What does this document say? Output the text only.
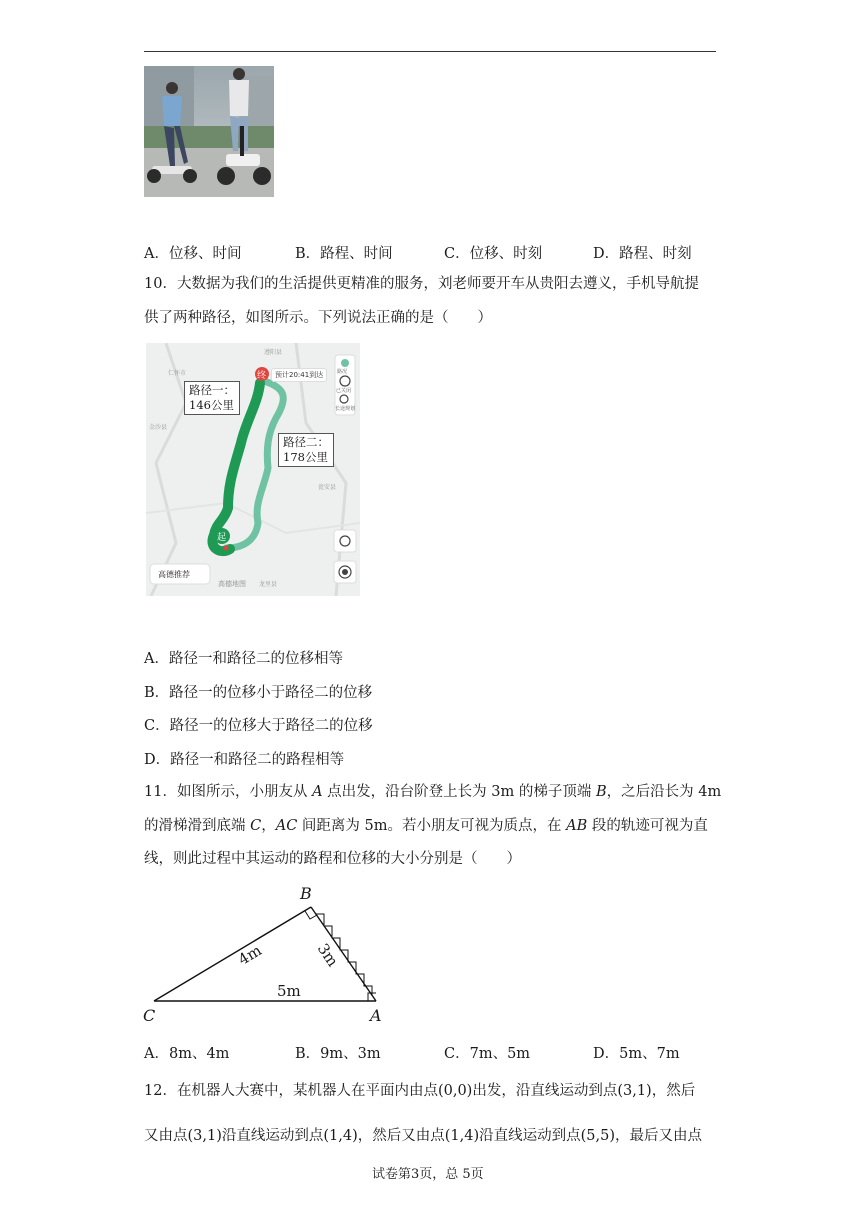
A．位移、时间	B．路程、时间	C．位移、时刻	D．路程、时刻
10．大数据为我们的生活提供更精准的服务，刘老师要开车从贵阳去遵义，手机导航提
供了两种路径，如图所示。下列说法正确的是（　　）
终
起
预计20:41到达	路况
已关闭
长途规划
高德推荐
高德地图
遵阳县
仁怀市
金沙县
瓮安县
龙里县
路径一：
146公里
路径二：
178公里
A．路径一和路径二的位移相等
B．路径一的位移小于路径二的位移
C．路径一的位移大于路径二的位移
D．路径一和路径二的路程相等
11．如图所示，小朋友从 A 点出发，沿台阶登上长为 3m 的梯子顶端 B，之后沿长为 4m
的滑梯滑到底端 C，AC 间距离为 5m。若小朋友可视为质点，在 AB 段的轨迹可视为直
线，则此过程中其运动的路程和位移的大小分别是（　　）
B
C	A
4m	3m
5m
A．8m、4m	B．9m、3m	C．7m、5m	D．5m、7m
12．在机器人大赛中，某机器人在平面内由点(0,0)出发，沿直线运动到点(3,1)，然后
又由点(3,1)沿直线运动到点(1,4)，然后又由点(1,4)沿直线运动到点(5,5)，最后又由点
试卷第3页，总 5页
